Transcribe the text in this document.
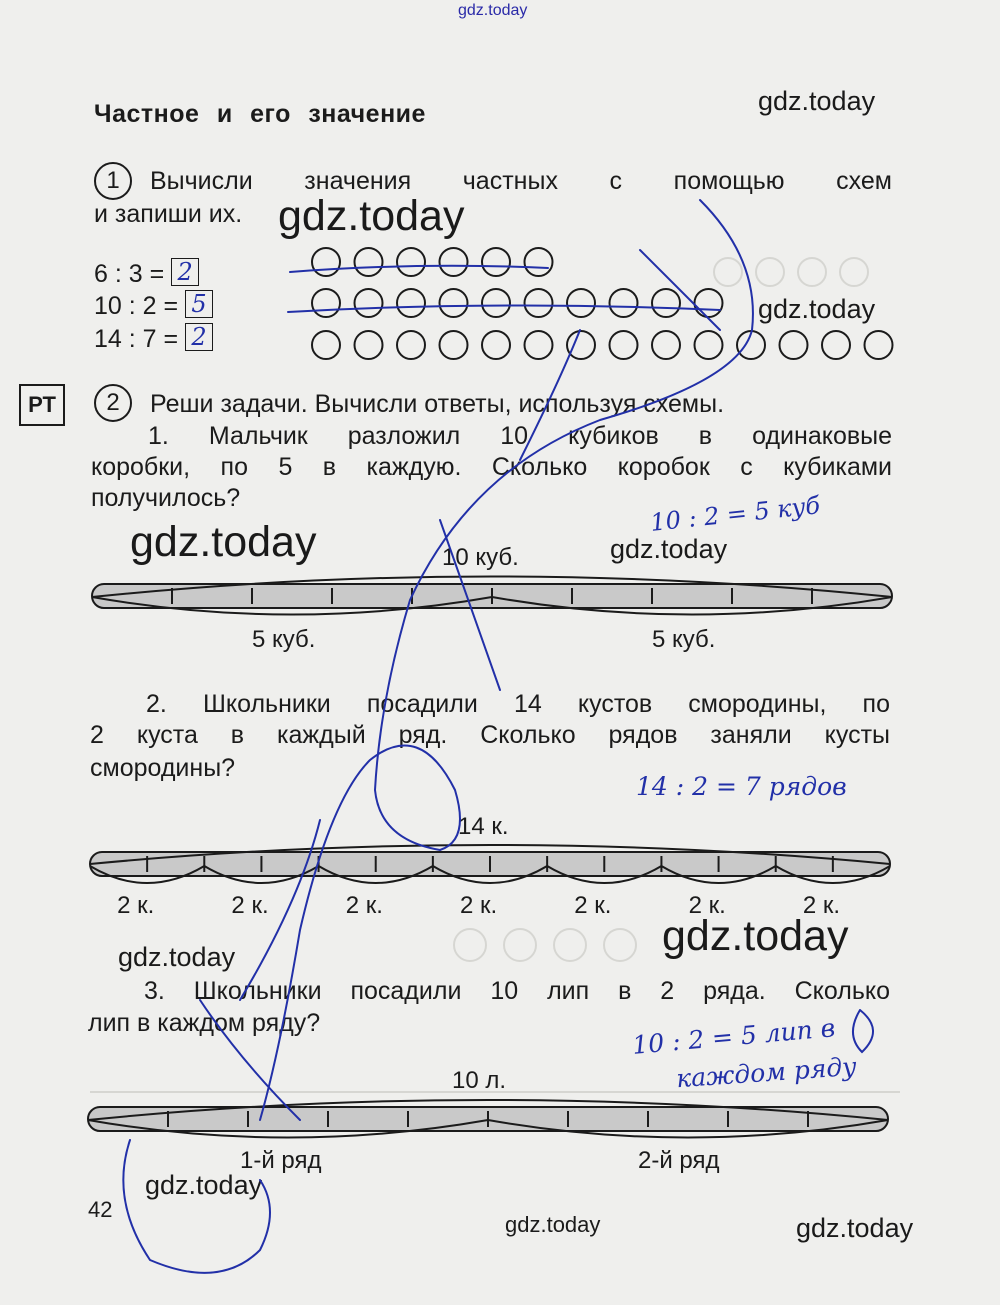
gdz.today
Частное и его значение	gdz.today
1	Вычисли значения частных с помощью схем
и запиши их. gdz.today
6 : 3 = 2
10 : 2 = 5
14 : 7 = 2
gdz.today
РТ	2	Реши задачи. Вычисли ответы, используя схемы.
1. Мальчик разложил 10 кубиков в одинаковые
коробки, по 5 в каждую. Сколько коробок с кубиками
получилось?	10 : 2 = 5 куб
gdz.today	gdz.today
10 куб.
5 куб.	5 куб.
2. Школьники посадили 14 кустов смородины, по
2 куста в каждый ряд. Сколько рядов заняли кусты
смородины?
14 : 2 = 7 рядов
14 к.
2 к.	2 к.	2 к.	2 к.	2 к.	2 к.	2 к.
gdz.today
gdz.today
3. Школьники посадили 10 лип в 2 ряда. Сколько
лип в каждом ряду?	10 : 2 = 5 лип в
каждом ряду
10 л.
1-й ряд	2-й ряд
gdz.today
42
gdz.today	gdz.today
